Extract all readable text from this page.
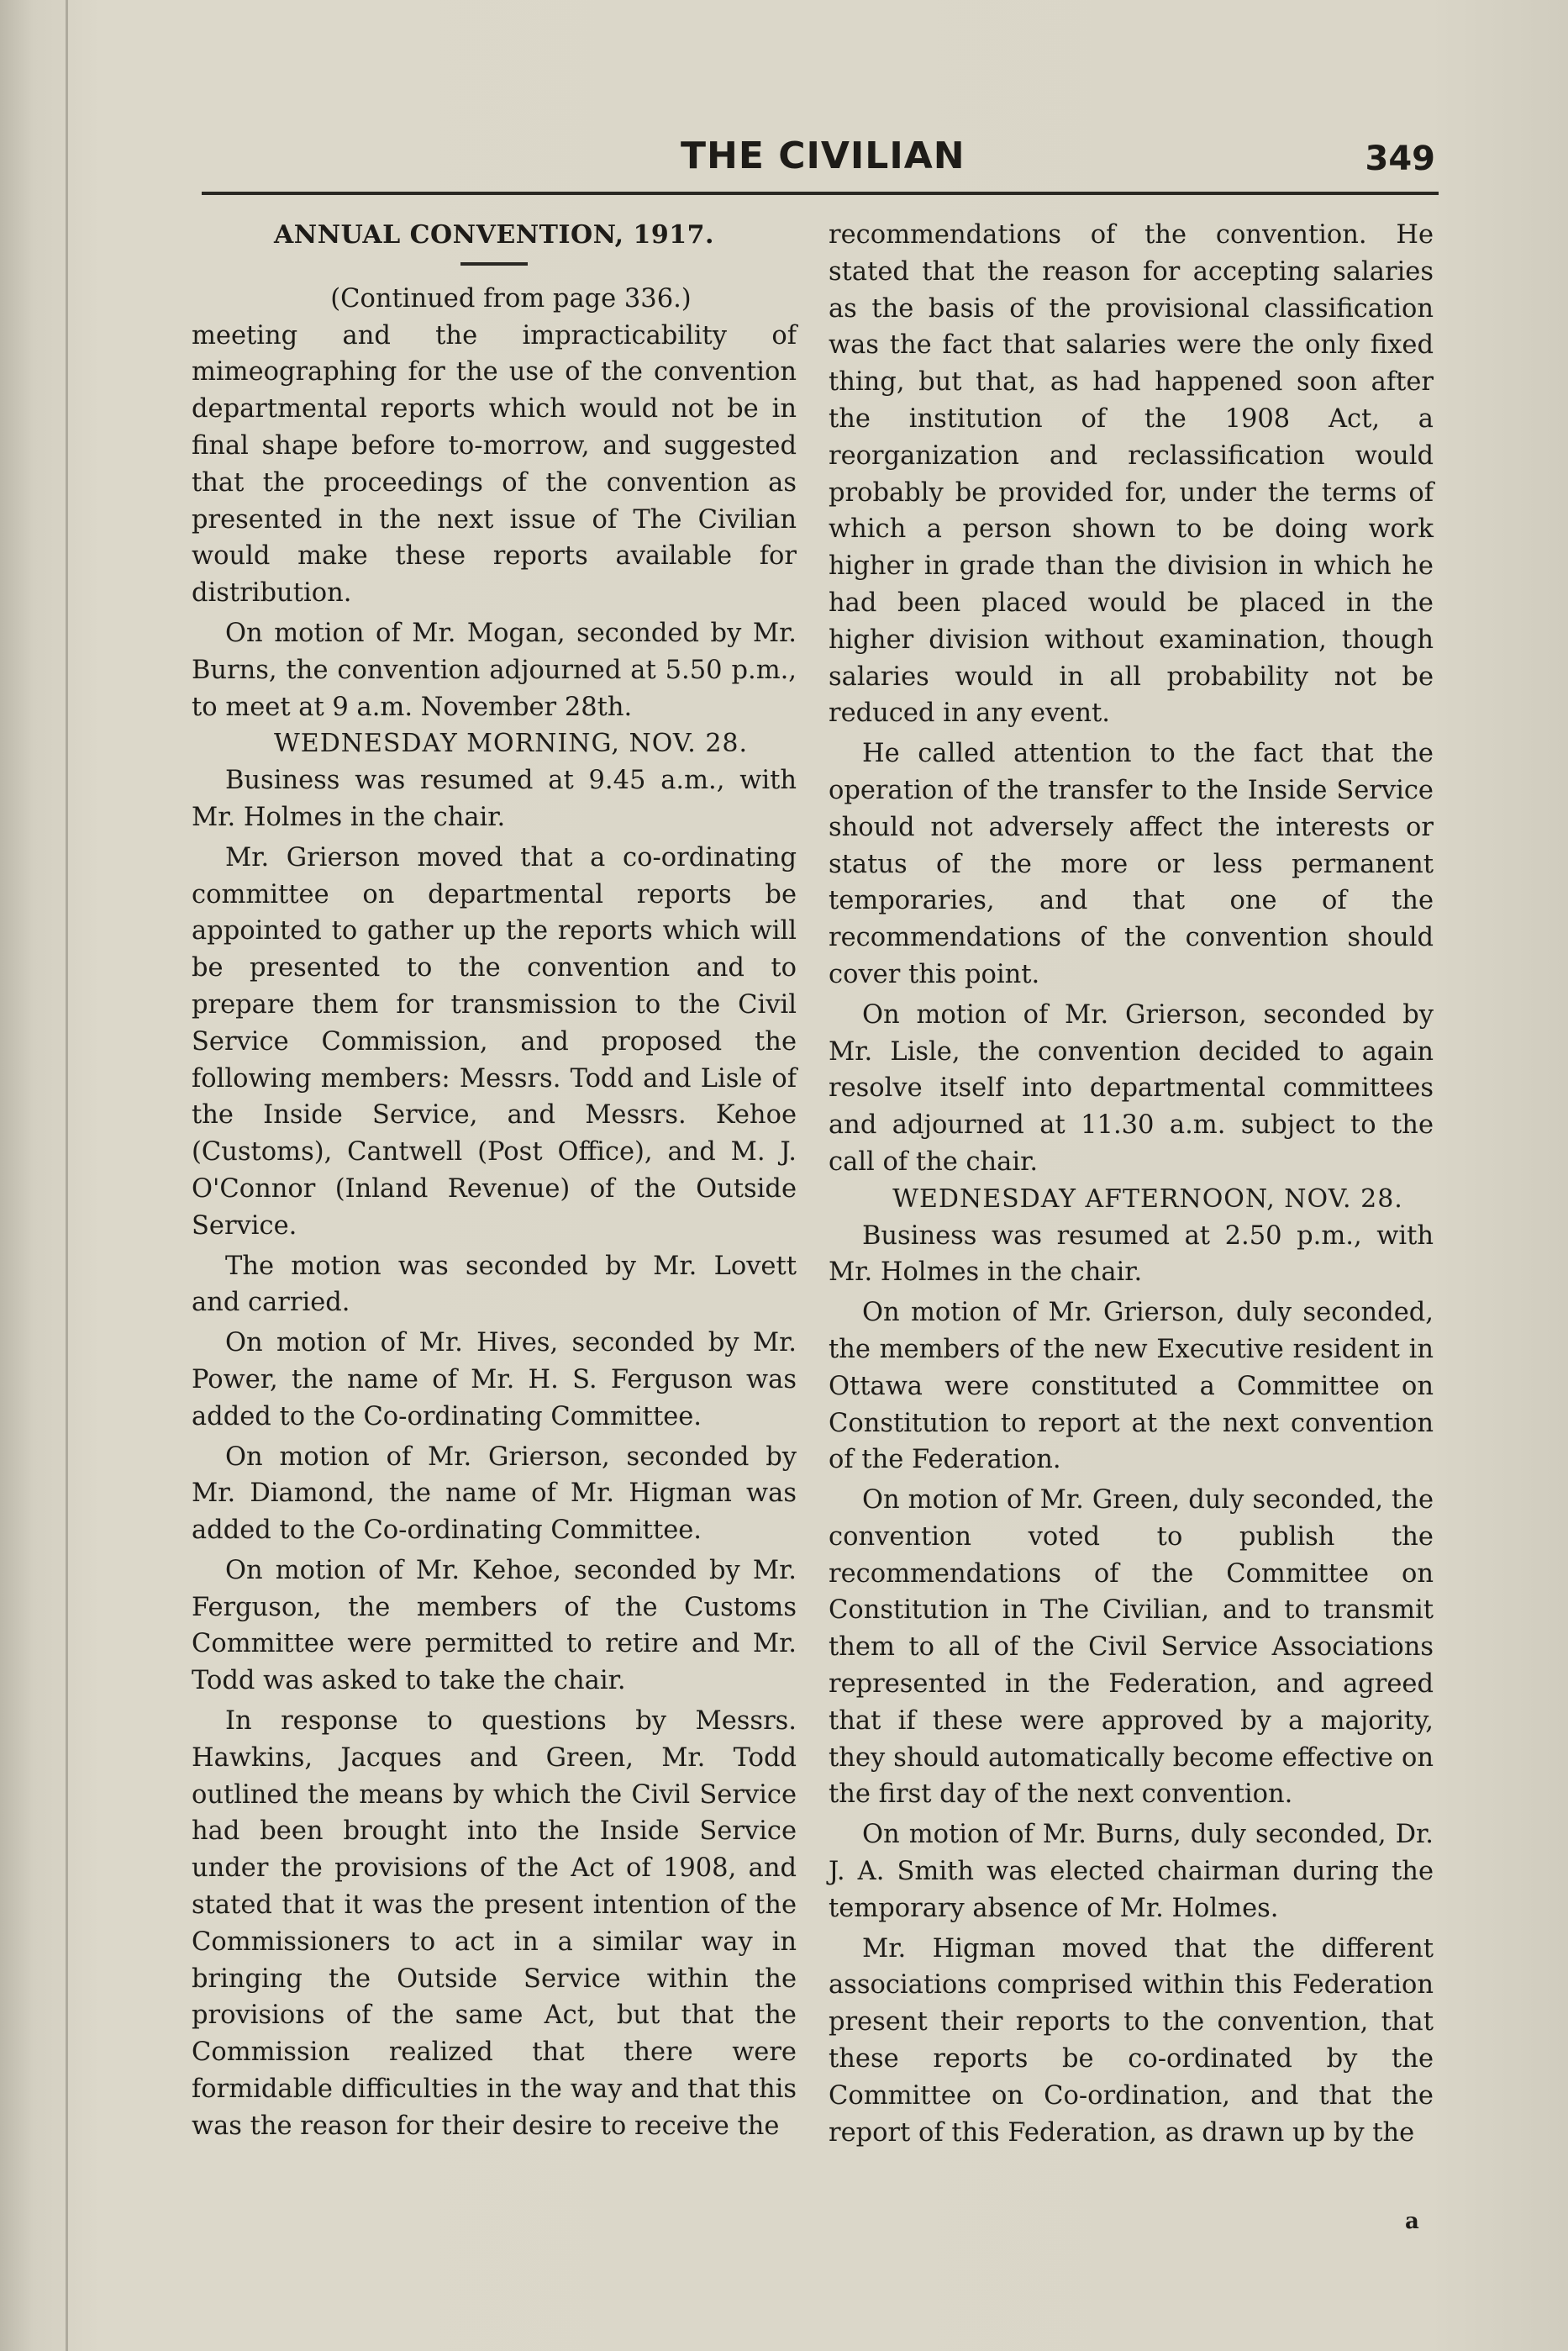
THE CIVILIAN	349
ANNUAL CONVENTION, 1917.

(Continued from page 336.)

meeting and the impracticability of mimeographing for the use of the convention departmental reports which would not be in final shape before to-morrow, and suggested that the proceedings of the convention as presented in the next issue of The Civilian would make these reports available for distribution.

On motion of Mr. Mogan, seconded by Mr. Burns, the convention adjourned at 5.50 p.m., to meet at 9 a.m. November 28th.

WEDNESDAY MORNING, NOV. 28.

Business was resumed at 9.45 a.m., with Mr. Holmes in the chair.

Mr. Grierson moved that a co-ordinating committee on departmental reports be appointed to gather up the reports which will be presented to the convention and to prepare them for transmission to the Civil Service Commission, and proposed the following members: Messrs. Todd and Lisle of the Inside Service, and Messrs. Kehoe (Customs), Cantwell (Post Office), and M. J. O'Connor (Inland Revenue) of the Outside Service.

The motion was seconded by Mr. Lovett and carried.

On motion of Mr. Hives, seconded by Mr. Power, the name of Mr. H. S. Ferguson was added to the Co-ordinating Committee.

On motion of Mr. Grierson, seconded by Mr. Diamond, the name of Mr. Higman was added to the Co-ordinating Committee.

On motion of Mr. Kehoe, seconded by Mr. Ferguson, the members of the Customs Committee were permitted to retire and Mr. Todd was asked to take the chair.

In response to questions by Messrs. Hawkins, Jacques and Green, Mr. Todd outlined the means by which the Civil Service had been brought into the Inside Service under the provisions of the Act of 1908, and stated that it was the present intention of the Commissioners to act in a similar way in bringing the Outside Service within the provisions of the same Act, but that the Commission realized that there were formidable difficulties in the way and that this was the reason for their desire to receive the

recommendations of the convention. He stated that the reason for accepting salaries as the basis of the provisional classification was the fact that salaries were the only fixed thing, but that, as had happened soon after the institution of the 1908 Act, a reorganization and reclassification would probably be provided for, under the terms of which a person shown to be doing work higher in grade than the division in which he had been placed would be placed in the higher division without examination, though salaries would in all probability not be reduced in any event.

He called attention to the fact that the operation of the transfer to the Inside Service should not adversely affect the interests or status of the more or less permanent temporaries, and that one of the recommendations of the convention should cover this point.

On motion of Mr. Grierson, seconded by Mr. Lisle, the convention decided to again resolve itself into departmental committees and adjourned at 11.30 a.m. subject to the call of the chair.

WEDNESDAY AFTERNOON, NOV. 28.

Business was resumed at 2.50 p.m., with Mr. Holmes in the chair.

On motion of Mr. Grierson, duly seconded, the members of the new Executive resident in Ottawa were constituted a Committee on Constitution to report at the next convention of the Federation.

On motion of Mr. Green, duly seconded, the convention voted to publish the recommendations of the Committee on Constitution in The Civilian, and to transmit them to all of the Civil Service Associations represented in the Federation, and agreed that if these were approved by a majority, they should automatically become effective on the first day of the next convention.

On motion of Mr. Burns, duly seconded, Dr. J. A. Smith was elected chairman during the temporary absence of Mr. Holmes.

Mr. Higman moved that the different associations comprised within this Federation present their reports to the convention, that these reports be co-ordinated by the Committee on Co-ordination, and that the report of this Federation, as drawn up by the

a
